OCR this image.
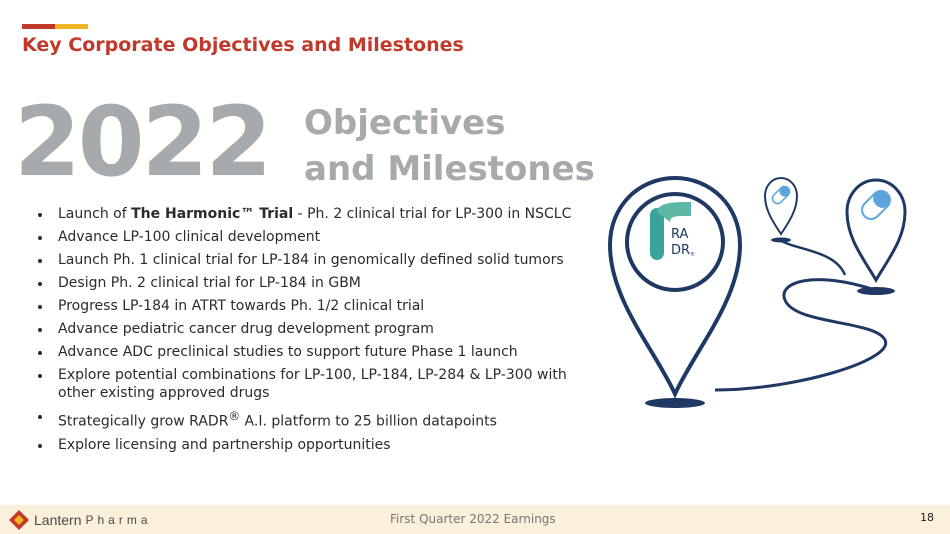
Key Corporate Objectives and Milestones
2022 Objectives
and Milestones
Launch of The Harmonic™ Trial - Ph. 2 clinical trial for LP-300 in NSCLC
Advance LP-100 clinical development
Launch Ph. 1 clinical trial for LP-184 in genomically defined solid tumors
Design Ph. 2 clinical trial for LP-184 in GBM
Progress LP-184 in ATRT towards Ph. 1/2 clinical trial
Advance pediatric cancer drug development program
Advance ADC preclinical studies to support future Phase 1 launch
Explore potential combinations for LP-100, LP-184, LP-284 & LP-300 with other existing approved drugs
Strategically grow RADR® A.I. platform to 25 billion datapoints
Explore licensing and partnership opportunities
RA
DR ®
Lantern Pharma	First Quarter 2022 Earnings	18
